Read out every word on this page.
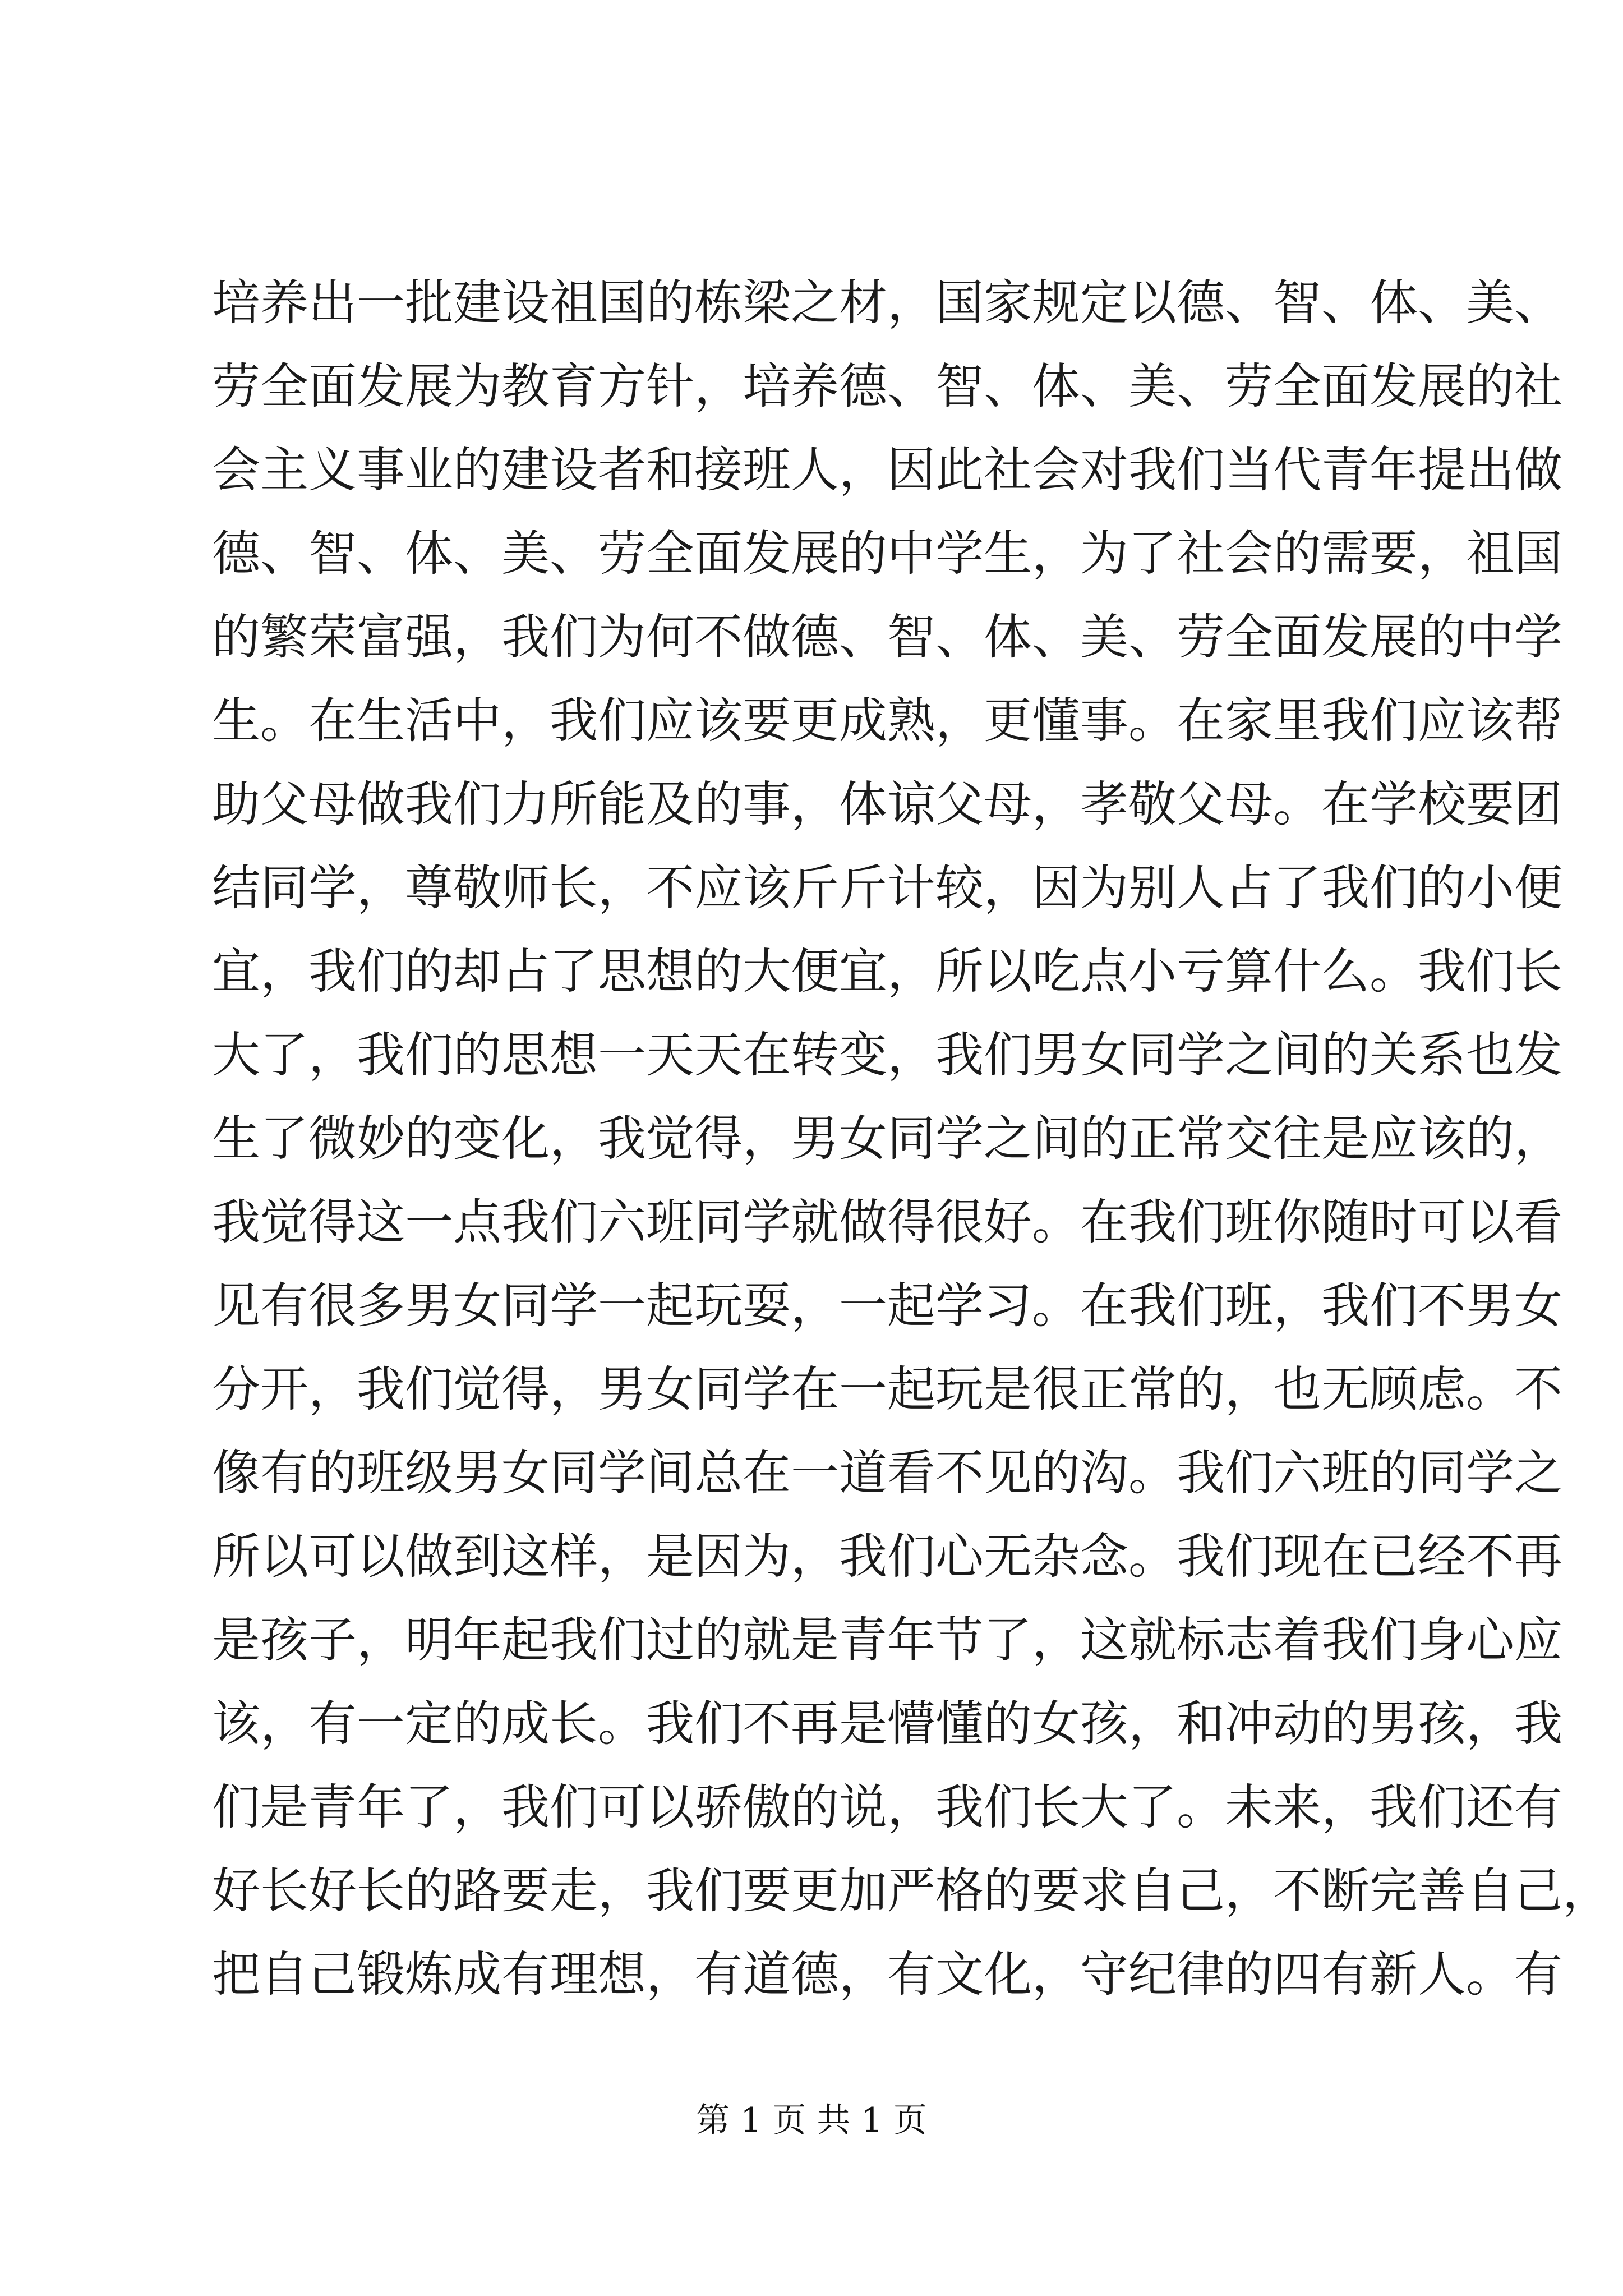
培养出一批建设祖国的栋梁之材，国家规定以德、智、体、美、
劳全面发展为教育方针，培养德、智、体、美、劳全面发展的社
会主义事业的建设者和接班人，因此社会对我们当代青年提出做
德、智、体、美、劳全面发展的中学生，为了社会的需要，祖国
的繁荣富强，我们为何不做德、智、体、美、劳全面发展的中学
生。在生活中，我们应该要更成熟，更懂事。在家里我们应该帮
助父母做我们力所能及的事，体谅父母，孝敬父母。在学校要团
结同学，尊敬师长，不应该斤斤计较，因为别人占了我们的小便
宜，我们的却占了思想的大便宜，所以吃点小亏算什么。我们长
大了，我们的思想一天天在转变，我们男女同学之间的关系也发
生了微妙的变化，我觉得，男女同学之间的正常交往是应该的，
我觉得这一点我们六班同学就做得很好。在我们班你随时可以看
见有很多男女同学一起玩耍，一起学习。在我们班，我们不男女
分开，我们觉得，男女同学在一起玩是很正常的，也无顾虑。不
像有的班级男女同学间总在一道看不见的沟。我们六班的同学之
所以可以做到这样，是因为，我们心无杂念。我们现在已经不再
是孩子，明年起我们过的就是青年节了，这就标志着我们身心应
该，有一定的成长。我们不再是懵懂的女孩，和冲动的男孩，我
们是青年了，我们可以骄傲的说，我们长大了。未来，我们还有
好长好长的路要走，我们要更加严格的要求自己，不断完善自己，
把自己锻炼成有理想，有道德，有文化，守纪律的四有新人。有
第 1 页 共 1 页
